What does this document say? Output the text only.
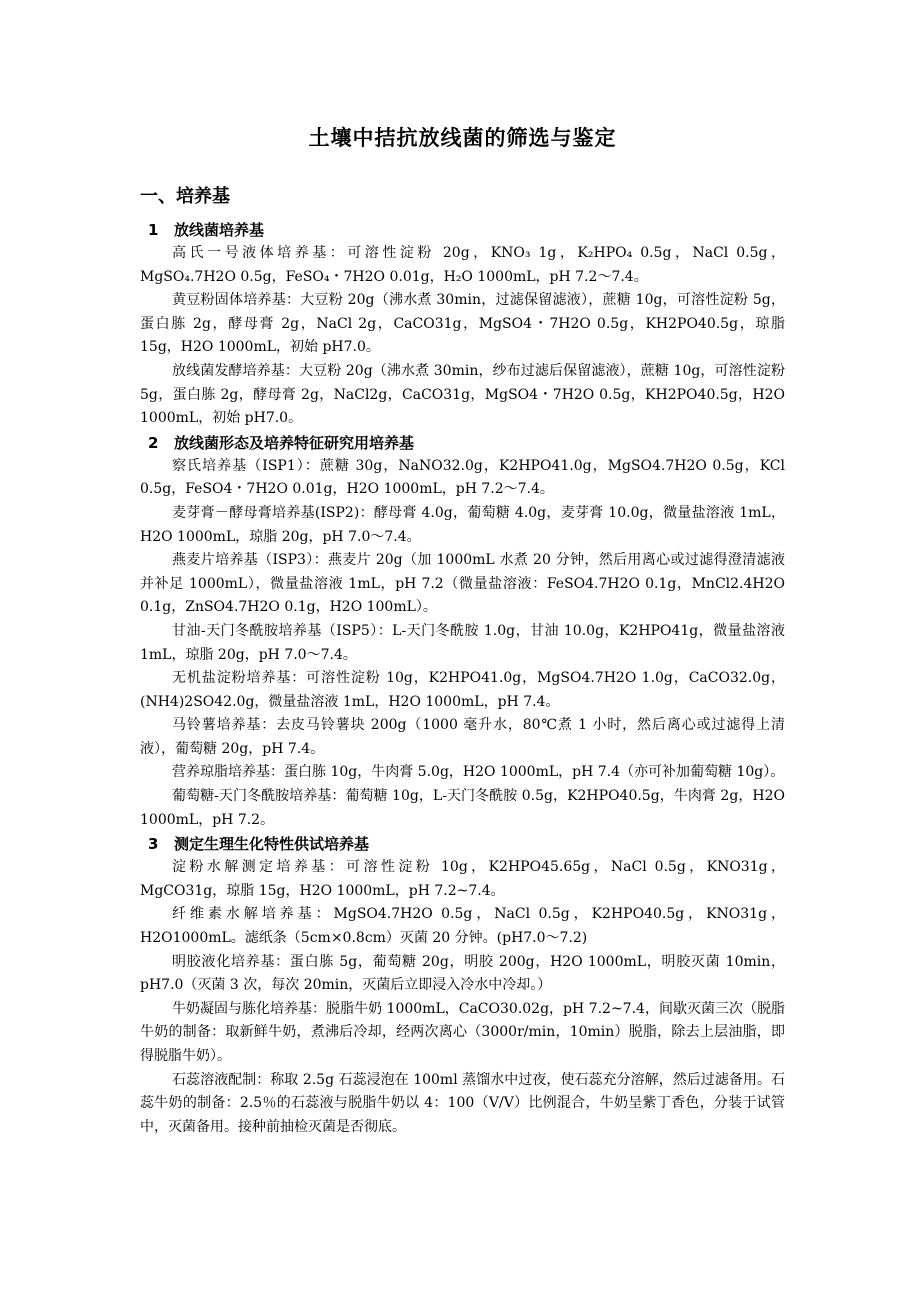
土壤中拮抗放线菌的筛选与鉴定
一、培养基
1 放线菌培养基

高氏一号液体培养基：可溶性淀粉 20g，KNO₃ 1g，K₂HPO₄ 0.5g，NaCl 0.5g，MgSO₄.7H2O 0.5g，FeSO₄・7H2O 0.01g，H₂O 1000mL，pH 7.2～7.4。

黄豆粉固体培养基：大豆粉 20g（沸水煮 30min，过滤保留滤液），蔗糖 10g，可溶性淀粉 5g，蛋白胨 2g，酵母膏 2g，NaCl 2g，CaCO31g，MgSO4・7H2O 0.5g，KH2PO40.5g，琼脂 15g，H2O 1000mL，初始 pH7.0。

放线菌发酵培养基：大豆粉 20g（沸水煮 30min，纱布过滤后保留滤液），蔗糖 10g，可溶性淀粉 5g，蛋白胨 2g，酵母膏 2g，NaCl2g，CaCO31g，MgSO4・7H2O 0.5g，KH2PO40.5g，H2O 1000mL，初始 pH7.0。

2 放线菌形态及培养特征研究用培养基

察氏培养基（ISP1）：蔗糖 30g，NaNO32.0g，K2HPO41.0g，MgSO4.7H2O 0.5g，KCl 0.5g，FeSO4・7H2O 0.01g，H2O 1000mL，pH 7.2～7.4。

麦芽膏－酵母膏培养基(ISP2)：酵母膏 4.0g，葡萄糖 4.0g，麦芽膏 10.0g，微量盐溶液 1mL，H2O 1000mL，琼脂 20g，pH 7.0～7.4。

燕麦片培养基（ISP3）：燕麦片 20g（加 1000mL 水煮 20 分钟，然后用离心或过滤得澄清滤液并补足 1000mL），微量盐溶液 1mL，pH 7.2（微量盐溶液：FeSO4.7H2O 0.1g，MnCl2.4H2O 0.1g，ZnSO4.7H2O 0.1g，H2O 100mL）。

甘油-天门冬酰胺培养基（ISP5）：L-天门冬酰胺 1.0g，甘油 10.0g，K2HPO41g，微量盐溶液 1mL，琼脂 20g，pH 7.0～7.4。

无机盐淀粉培养基：可溶性淀粉 10g，K2HPO41.0g，MgSO4.7H2O 1.0g，CaCO32.0g，(NH4)2SO42.0g，微量盐溶液 1mL，H2O 1000mL，pH 7.4。

马铃薯培养基：去皮马铃薯块 200g（1000 毫升水，80℃煮 1 小时，然后离心或过滤得上清液），葡萄糖 20g，pH 7.4。

营养琼脂培养基：蛋白胨 10g，牛肉膏 5.0g，H2O 1000mL，pH 7.4（亦可补加葡萄糖 10g）。

葡萄糖-天门冬酰胺培养基：葡萄糖 10g，L-天门冬酰胺 0.5g，K2HPO40.5g，牛肉膏 2g，H2O 1000mL，pH 7.2。

3 测定生理生化特性供试培养基

淀粉水解测定培养基：可溶性淀粉 10g，K2HPO45.65g，NaCl 0.5g，KNO31g，MgCO31g，琼脂 15g，H2O 1000mL，pH 7.2~7.4。

纤维素水解培养基：MgSO4.7H2O 0.5g，NaCl 0.5g，K2HPO40.5g，KNO31g，H2O1000mL。滤纸条（5cm×0.8cm）灭菌 20 分钟。(pH7.0～7.2)

明胶液化培养基：蛋白胨 5g，葡萄糖 20g，明胶 200g，H2O 1000mL，明胶灭菌 10min， pH7.0（灭菌 3 次，每次 20min，灭菌后立即浸入冷水中冷却。）

牛奶凝固与胨化培养基：脱脂牛奶 1000mL，CaCO30.02g，pH 7.2~7.4，间歇灭菌三次（脱脂牛奶的制备：取新鲜牛奶，煮沸后冷却，经两次离心（3000r/min，10min）脱脂，除去上层油脂，即得脱脂牛奶）。

石蕊溶液配制：称取 2.5g 石蕊浸泡在 100ml 蒸馏水中过夜，使石蕊充分溶解，然后过滤备用。石蕊牛奶的制备：2.5％的石蕊液与脱脂牛奶以 4：100（V/V）比例混合，牛奶呈紫丁香色，分装于试管中，灭菌备用。接种前抽检灭菌是否彻底。
